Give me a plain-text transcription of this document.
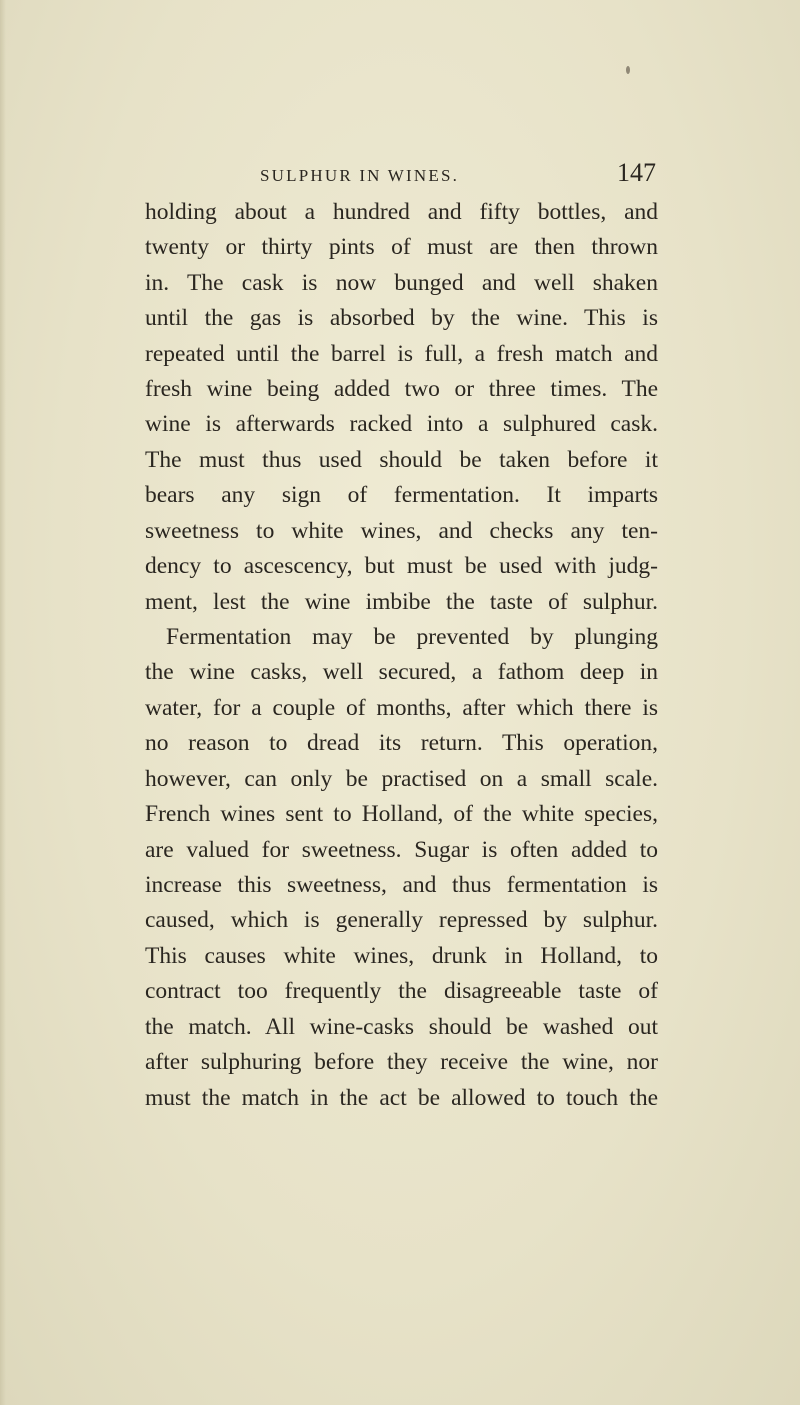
SULPHUR IN WINES.	147
holding about a hundred and fifty bottles, and
twenty or thirty pints of must are then thrown
in. The cask is now bunged and well shaken
until the gas is absorbed by the wine. This is
repeated until the barrel is full, a fresh match and
fresh wine being added two or three times. The
wine is afterwards racked into a sulphured cask.
The must thus used should be taken before it
bears any sign of fermentation. It imparts
sweetness to white wines, and checks any ten-
dency to ascescency, but must be used with judg-
ment, lest the wine imbibe the taste of sulphur.
Fermentation may be prevented by plunging
the wine casks, well secured, a fathom deep in
water, for a couple of months, after which there is
no reason to dread its return. This operation,
however, can only be practised on a small scale.
French wines sent to Holland, of the white species,
are valued for sweetness. Sugar is often added to
increase this sweetness, and thus fermentation is
caused, which is generally repressed by sulphur.
This causes white wines, drunk in Holland, to
contract too frequently the disagreeable taste of
the match. All wine-casks should be washed out
after sulphuring before they receive the wine, nor
must the match in the act be allowed to touch the
